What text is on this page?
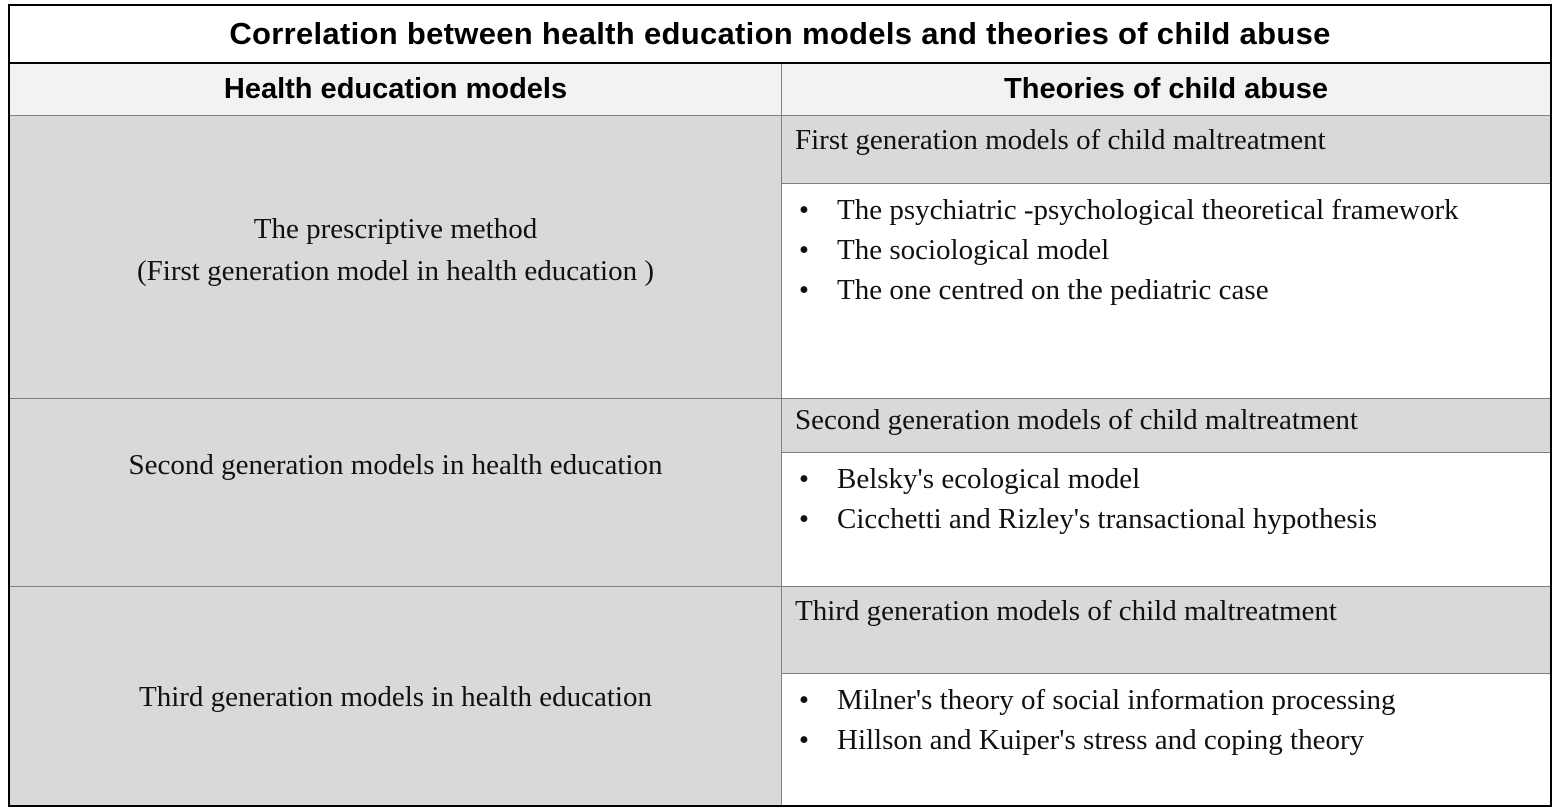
Correlation between health education models and theories of child abuse
Health education models	Theories of child abuse
The prescriptive method
(First generation model in health education )
First generation models of child maltreatment
• The psychiatric -psychological theoretical framework
• The sociological model
• The one centred on the pediatric case
Second generation models in health education
Second generation models of child maltreatment
• Belsky's ecological model
• Cicchetti and Rizley's transactional hypothesis
Third generation models in health education
Third generation models of child maltreatment
• Milner's theory of social information processing
• Hillson and Kuiper's stress and coping theory
